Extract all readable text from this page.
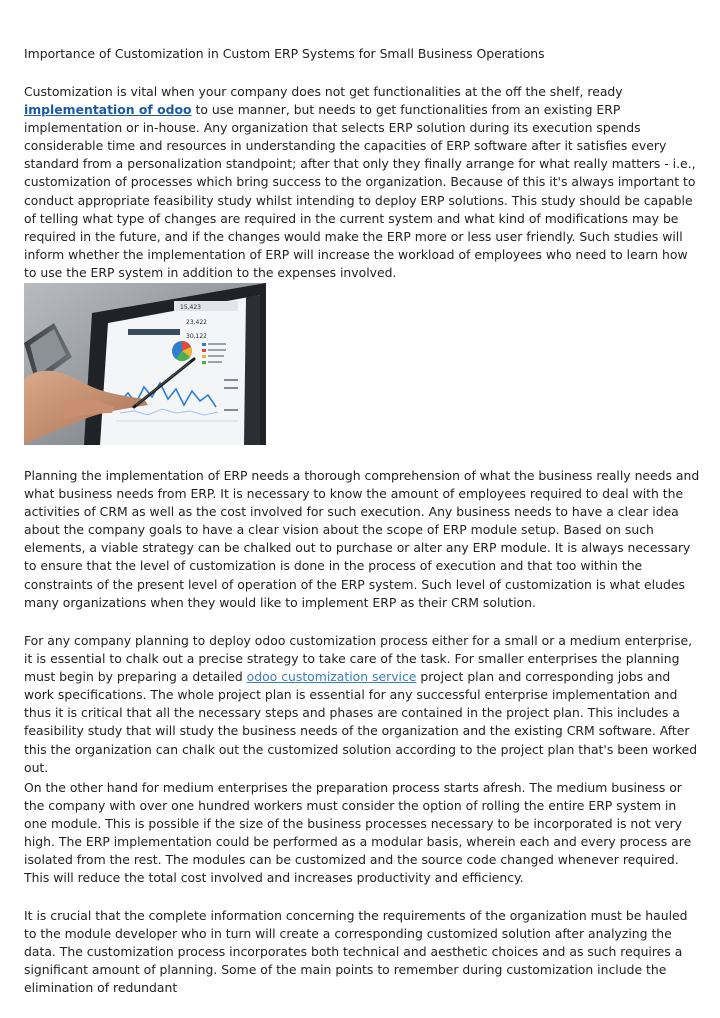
Importance of Customization in Custom ERP Systems for Small Business Operations

Customization is vital when your company does not get functionalities at the off the shelf, ready implementation of odoo to use manner, but needs to get functionalities from an existing ERP implementation or in-house. Any organization that selects ERP solution during its execution spends considerable time and resources in understanding the capacities of ERP software after it satisfies every standard from a personalization standpoint; after that only they finally arrange for what really matters - i.e., customization of processes which bring success to the organization. Because of this it's always important to conduct appropriate feasibility study whilst intending to deploy ERP solutions. This study should be capable of telling what type of changes are required in the current system and what kind of modifications may be required in the future, and if the changes would make the ERP more or less user friendly. Such studies will inform whether the implementation of ERP will increase the workload of employees who need to learn how to use the ERP system in addition to the expenses involved.

15,423
23,422
30,122

Planning the implementation of ERP needs a thorough comprehension of what the business really needs and what business needs from ERP. It is necessary to know the amount of employees required to deal with the activities of CRM as well as the cost involved for such execution. Any business needs to have a clear idea about the company goals to have a clear vision about the scope of ERP module setup. Based on such elements, a viable strategy can be chalked out to purchase or alter any ERP module. It is always necessary to ensure that the level of customization is done in the process of execution and that too within the constraints of the present level of operation of the ERP system. Such level of customization is what eludes many organizations when they would like to implement ERP as their CRM solution.

For any company planning to deploy odoo customization process either for a small or a medium enterprise, it is essential to chalk out a precise strategy to take care of the task. For smaller enterprises the planning must begin by preparing a detailed odoo customization service project plan and corresponding jobs and work specifications. The whole project plan is essential for any successful enterprise implementation and thus it is critical that all the necessary steps and phases are contained in the project plan. This includes a feasibility study that will study the business needs of the organization and the existing CRM software. After this the organization can chalk out the customized solution according to the project plan that's been worked out.

On the other hand for medium enterprises the preparation process starts afresh. The medium business or the company with over one hundred workers must consider the option of rolling the entire ERP system in one module. This is possible if the size of the business processes necessary to be incorporated is not very high. The ERP implementation could be performed as a modular basis, wherein each and every process are isolated from the rest. The modules can be customized and the source code changed whenever required. This will reduce the total cost involved and increases productivity and efficiency.

It is crucial that the complete information concerning the requirements of the organization must be hauled to the module developer who in turn will create a corresponding customized solution after analyzing the data. The customization process incorporates both technical and aesthetic choices and as such requires a significant amount of planning. Some of the main points to remember during customization include the elimination of redundant
